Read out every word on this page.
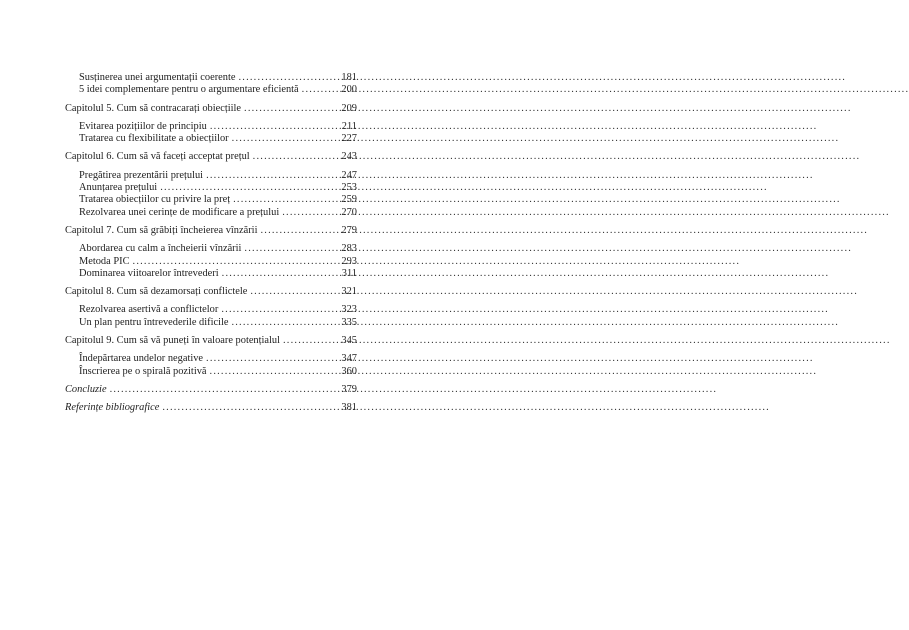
Susținerea unei argumentații coerente .....	181
5 idei complementare pentru o argumentare eficientă .....	200
Capitolul 5. Cum să contracarați obiecțiile .....	209
Evitarea pozițiilor de principiu .....	211
Tratarea cu flexibilitate a obiecțiilor .....	227
Capitolul 6. Cum să vă faceți acceptat prețul .....	243
Pregătirea prezentării prețului .....	247
Anunțarea prețului .....	253
Tratarea obiecțiilor cu privire la preț .....	259
Rezolvarea unei cerințe de modificare a prețului .....	270
Capitolul 7. Cum să grăbiți încheierea vînzării .....	279
Abordarea cu calm a încheierii vînzării .....	283
Metoda PIC .....	293
Dominarea viitoarelor întrevederi .....	311
Capitolul 8. Cum să dezamorsați conflictele .....	321
Rezolvarea asertivă a conflictelor .....	323
Un plan pentru întrevederile dificile .....	335
Capitolul 9. Cum să vă puneți în valoare potențialul .....	345
Îndepărtarea undelor negative .....	347
Înscrierea pe o spirală pozitivă .....	360
Concluzie .....	379
Referințe bibliografice .....	381
